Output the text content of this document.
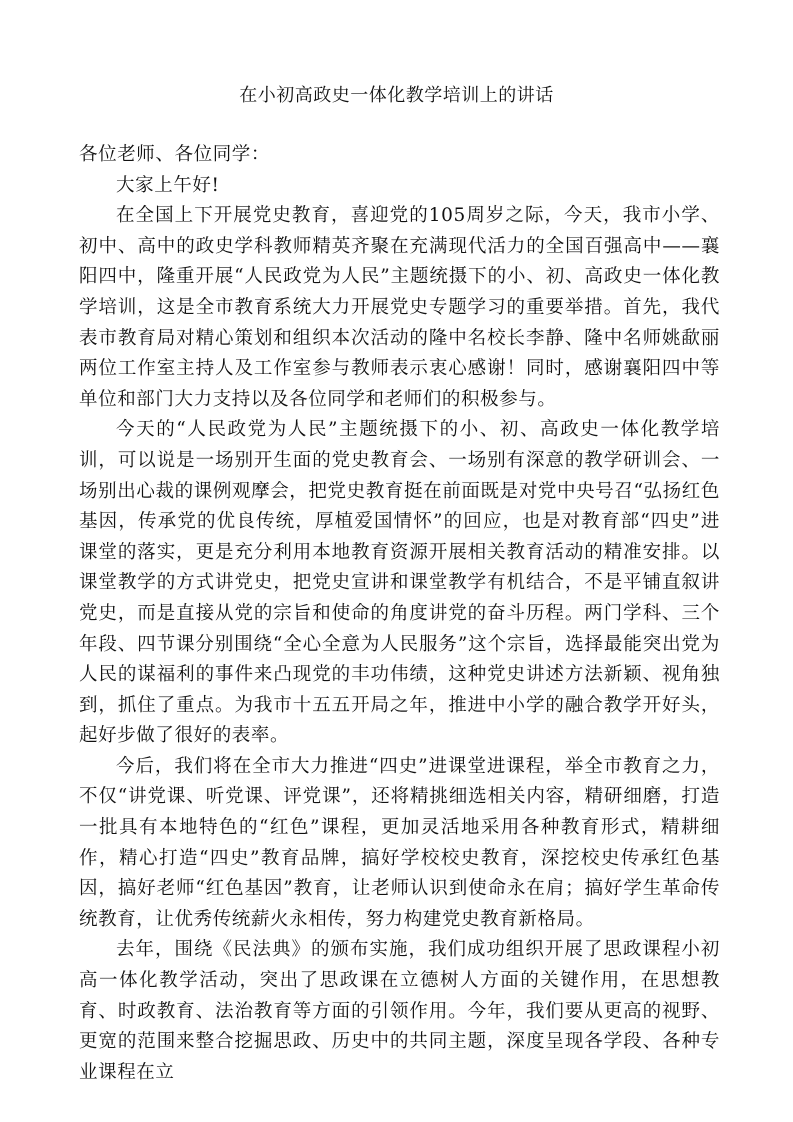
在小初高政史一体化教学培训上的讲话

各位老师、各位同学：

大家上午好!

在全国上下开展党史教育，喜迎党的105周岁之际，今天，我市小学、初中、高中的政史学科教师精英齐聚在充满现代活力的全国百强高中——襄阳四中，隆重开展“人民政党为人民”主题统摄下的小、初、高政史一体化教学培训，这是全市教育系统大力开展党史专题学习的重要举措。首先，我代表市教育局对精心策划和组织本次活动的隆中名校长李静、隆中名师姚歃丽两位工作室主持人及工作室参与教师表示衷心感谢！同时，感谢襄阳四中等单位和部门大力支持以及各位同学和老师们的积极参与。

今天的“人民政党为人民”主题统摄下的小、初、高政史一体化教学培训，可以说是一场别开生面的党史教育会、一场别有深意的教学研训会、一场别出心裁的课例观摩会，把党史教育挺在前面既是对党中央号召“弘扬红色基因，传承党的优良传统，厚植爱国情怀”的回应，也是对教育部“四史”进课堂的落实，更是充分利用本地教育资源开展相关教育活动的精准安排。以课堂教学的方式讲党史，把党史宣讲和课堂教学有机结合，不是平铺直叙讲党史，而是直接从党的宗旨和使命的角度讲党的奋斗历程。两门学科、三个年段、四节课分别围绕“全心全意为人民服务”这个宗旨，选择最能突出党为人民的谋福利的事件来凸现党的丰功伟绩，这种党史讲述方法新颖、视角独到，抓住了重点。为我市十五五开局之年，推进中小学的融合教学开好头，起好步做了很好的表率。

今后，我们将在全市大力推进“四史”进课堂进课程，举全市教育之力，不仅“讲党课、听党课、评党课”，还将精挑细选相关内容，精研细磨，打造一批具有本地特色的“红色”课程，更加灵活地采用各种教育形式，精耕细作，精心打造“四史”教育品牌，搞好学校校史教育，深挖校史传承红色基因，搞好老师“红色基因”教育，让老师认识到使命永在肩；搞好学生革命传统教育，让优秀传统薪火永相传，努力构建党史教育新格局。

去年，围绕《民法典》的颁布实施，我们成功组织开展了思政课程小初高一体化教学活动，突出了思政课在立德树人方面的关键作用，在思想教育、时政教育、法治教育等方面的引领作用。今年，我们要从更高的视野、更宽的范围来整合挖掘思政、历史中的共同主题，深度呈现各学段、各种专业课程在立
